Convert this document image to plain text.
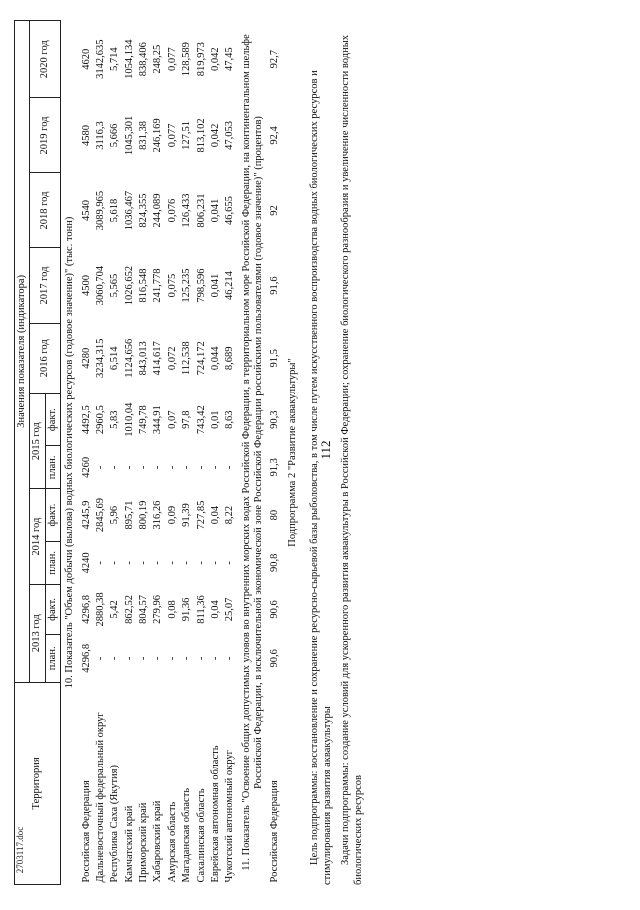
112
2703117.doc
Территория	Значения показателя (индикатора)										
	2013 год		2014 год		2015 год		2016 год	2017 год	2018 год	2019 год	2020 год
	план.	факт.	план.	факт.	план.	факт.					
10. Показатель "Объем добычи (вылова) водных биологических ресурсов (годовое значение)" (тыс. тонн)											
Российская Федерация	4296,8	4296,8	4240	4245,9	4260	4492,5	4280	4500	4540	4580	4620
Дальневосточный федеральный округ	-	2880,38	-	2845,69	-	2960,5	3234,315	3060,704	3089,965	3116,3	3142,635
Республика Саха (Якутия)	-	5,42	-	5,96	-	5,83	6,514	5,565	5,618	5,666	5,714
Камчатский край	-	862,52	-	895,71	-	1010,04	1124,656	1026,652	1036,467	1045,301	1054,134
Приморский край	-	804,57	-	800,19	-	749,78	843,013	816,548	824,355	831,38	838,406
Хабаровский край	-	279,96	-	316,26	-	344,91	414,617	241,778	244,089	246,169	248,25
Амурская область	-	0,08	-	0,09	-	0,07	0,072	0,075	0,076	0,077	0,077
Магаданская область	-	91,36	-	91,39	-	97,8	112,538	125,235	126,433	127,51	128,589
Сахалинская область	-	811,36	-	727,85	-	743,42	724,172	798,596	806,231	813,102	819,973
Еврейская автономная область	-	0,04	-	0,04	-	0,01	0,044	0,041	0,041	0,042	0,042
Чукотский автономный округ	-	25,07	-	8,22	-	8,63	8,689	46,214	46,655	47,053	47,45
11. Показатель "Освоение общих допустимых уловов во внутренних морских водах Российской Федерации, в территориальном море Российской Федерации, на континентальном шельфе Российской Федерации, в исключительной экономической зоне Российской Федерации российскими пользователями (годовое значение)" (процентов)											
Российская Федерация	90,6	90,6	90,8	80	91,3	90,3	91,5	91,6	92	92,4	92,7
Подпрограмма 2 "Развитие аквакультуры"											Цель подпрограммы: восстановление и сохранение ресурсно-сырьевой базы рыболовства, в том числе путем искусственного воспроизводства водных биологических ресурсов и стимулирования развития аквакультуры Задачи подпрограммы: создание условий для ускоренного развития аквакультуры в Российской Федерации; сохранение биологического разнообразия и увеличение численности водных биологических ресурсов
